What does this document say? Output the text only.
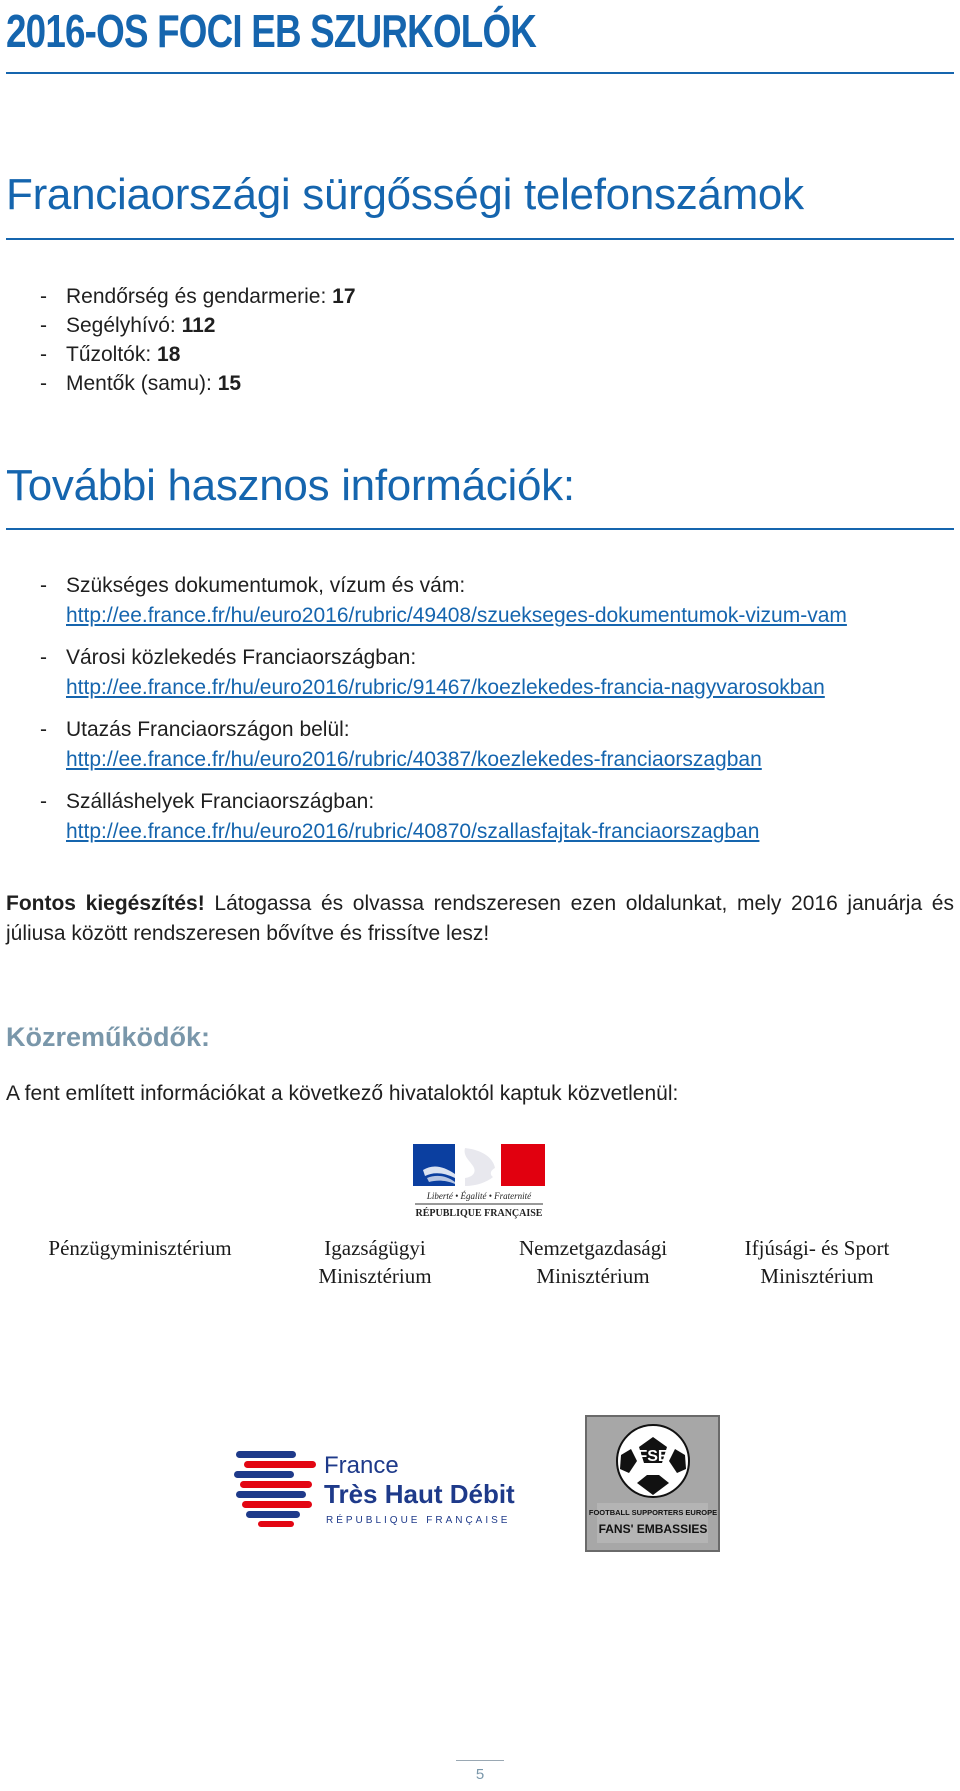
2016-OS FOCI EB SZURKOLÓK
Franciaországi sürgősségi telefonszámok
- Rendőrség és gendarmerie: 17
- Segélyhívó: 112
- Tűzoltók: 18
- Mentők (samu): 15
További hasznos információk:
- Szükséges dokumentumok, vízum és vám:
http://ee.france.fr/hu/euro2016/rubric/49408/szuekseges-dokumentumok-vizum-vam
- Városi közlekedés Franciaországban:
http://ee.france.fr/hu/euro2016/rubric/91467/koezlekedes-francia-nagyvarosokban
- Utazás Franciaországon belül:
http://ee.france.fr/hu/euro2016/rubric/40387/koezlekedes-franciaorszagban
- Szálláshelyek Franciaországban:
http://ee.france.fr/hu/euro2016/rubric/40870/szallasfajtak-franciaorszagban

Fontos kiegészítés! Látogassa és olvassa rendszeresen ezen oldalunkat, mely 2016 januárja és júliusa között rendszeresen bővítve és frissítve lesz!

Közreműködők:
A fent említett információkat a következő hivataloktól kaptuk közvetlenül:
Liberté • Égalité • Fraternité
RÉPUBLIQUE FRANÇAISE
Pénzügyminisztérium	Igazságügyi
Minisztérium
Nemzetgazdasági
Minisztérium
Ifjúsági- és Sport
Minisztérium
France
Très Haut Débit
RÉPUBLIQUE FRANÇAISE
FSE
FOOTBALL SUPPORTERS EUROPE
FANS' EMBASSIES
5
